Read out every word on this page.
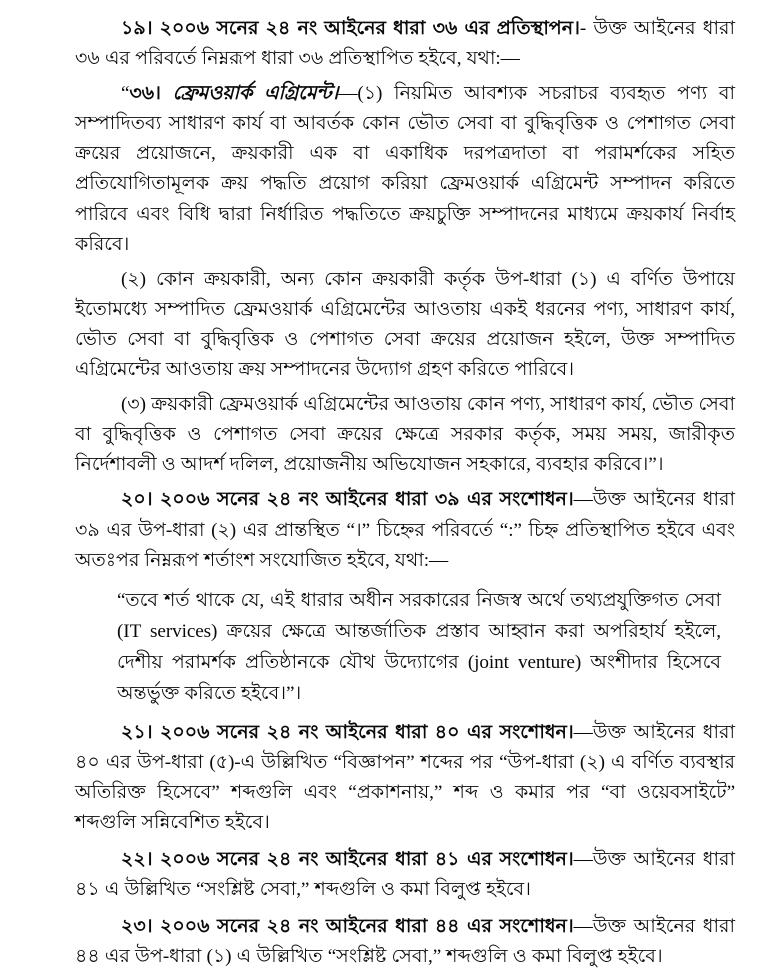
১৯। ২০০৬ সনের ২৪ নং আইনের ধারা ৩৬ এর প্রতিস্থাপন।- উক্ত আইনের ধারা ৩৬ এর পরিবর্তে নিম্নরূপ ধারা ৩৬ প্রতিস্থাপিত হইবে, যথা:—

“৩৬। ফ্রেমওয়ার্ক এগ্রিমেন্ট।—(১) নিয়মিত আবশ্যক সচরাচর ব্যবহৃত পণ্য বা সম্পাদিতব্য সাধারণ কার্য বা আবর্তক কোন ভৌত সেবা বা বুদ্ধিবৃত্তিক ও পেশাগত সেবা ক্রয়ের প্রয়োজনে, ক্রয়কারী এক বা একাধিক দরপত্রদাতা বা পরামর্শকের সহিত প্রতিযোগিতামূলক ক্রয় পদ্ধতি প্রয়োগ করিয়া ফ্রেমওয়ার্ক এগ্রিমেন্ট সম্পাদন করিতে পারিবে এবং বিধি দ্বারা নির্ধারিত পদ্ধতিতে ক্রয়চুক্তি সম্পাদনের মাধ্যমে ক্রয়কার্য নির্বাহ করিবে।

(২) কোন ক্রয়কারী, অন্য কোন ক্রয়কারী কর্তৃক উপ-ধারা (১) এ বর্ণিত উপায়ে ইতোমধ্যে সম্পাদিত ফ্রেমওয়ার্ক এগ্রিমেন্টের আওতায় একই ধরনের পণ্য, সাধারণ কার্য, ভৌত সেবা বা বুদ্ধিবৃত্তিক ও পেশাগত সেবা ক্রয়ের প্রয়োজন হইলে, উক্ত সম্পাদিত এগ্রিমেন্টের আওতায় ক্রয় সম্পাদনের উদ্যোগ গ্রহণ করিতে পারিবে।

(৩) ক্রয়কারী ফ্রেমওয়ার্ক এগ্রিমেন্টের আওতায় কোন পণ্য, সাধারণ কার্য, ভৌত সেবা বা বুদ্ধিবৃত্তিক ও পেশাগত সেবা ক্রয়ের ক্ষেত্রে সরকার কর্তৃক, সময় সময়, জারীকৃত নির্দেশাবলী ও আদর্শ দলিল, প্রয়োজনীয় অভিযোজন সহকারে, ব্যবহার করিবে।”।

২০। ২০০৬ সনের ২৪ নং আইনের ধারা ৩৯ এর সংশোধন।—উক্ত আইনের ধারা ৩৯ এর উপ-ধারা (২) এর প্রান্তস্থিত “।” চিহ্নের পরিবর্তে “:” চিহ্ন প্রতিস্থাপিত হইবে এবং অতঃপর নিম্নরূপ শর্তাংশ সংযোজিত হইবে, যথা:—

“তবে শর্ত থাকে যে, এই ধারার অধীন সরকারের নিজস্ব অর্থে তথ্যপ্রযুক্তিগত সেবা (IT services) ক্রয়ের ক্ষেত্রে আন্তর্জাতিক প্রস্তাব আহ্বান করা অপরিহার্য হইলে, দেশীয় পরামর্শক প্রতিষ্ঠানকে যৌথ উদ্যোগের (joint venture) অংশীদার হিসেবে অন্তর্ভুক্ত করিতে হইবে।”।

২১। ২০০৬ সনের ২৪ নং আইনের ধারা ৪০ এর সংশোধন।—উক্ত আইনের ধারা ৪০ এর উপ-ধারা (৫)-এ উল্লিখিত “বিজ্ঞাপন” শব্দের পর “উপ-ধারা (২) এ বর্ণিত ব্যবস্থার অতিরিক্ত হিসেবে” শব্দগুলি এবং “প্রকাশনায়,” শব্দ ও কমার পর “বা ওয়েবসাইটে” শব্দগুলি সন্নিবেশিত হইবে।

২২। ২০০৬ সনের ২৪ নং আইনের ধারা ৪১ এর সংশোধন।—উক্ত আইনের ধারা ৪১ এ উল্লিখিত “সংশ্লিষ্ট সেবা,” শব্দগুলি ও কমা বিলুপ্ত হইবে।

২৩। ২০০৬ সনের ২৪ নং আইনের ধারা ৪৪ এর সংশোধন।—উক্ত আইনের ধারা ৪৪ এর উপ-ধারা (১) এ উল্লিখিত “সংশ্লিষ্ট সেবা,” শব্দগুলি ও কমা বিলুপ্ত হইবে।
